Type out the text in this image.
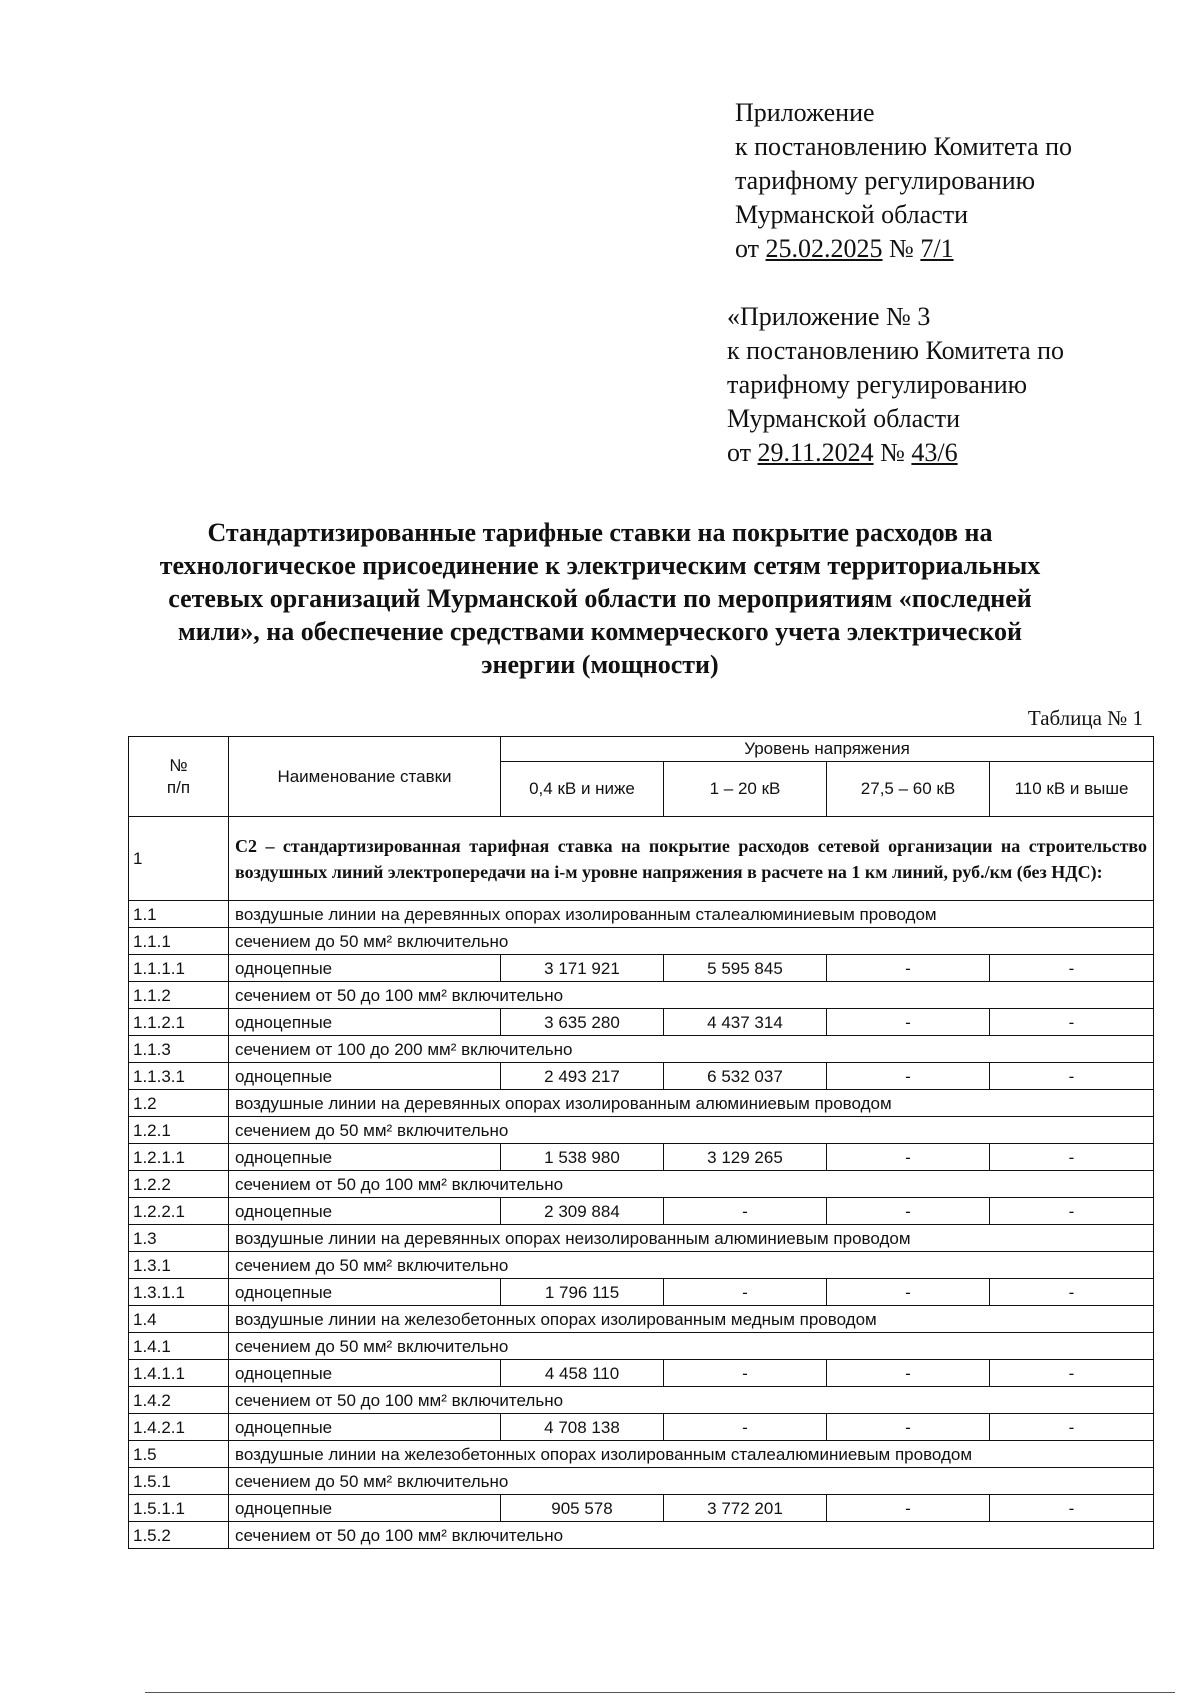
Приложение
к постановлению Комитета по
тарифному регулированию
Мурманской области
от 25.02.2025 № 7/1
«Приложение № 3
к постановлению Комитета по
тарифному регулированию
Мурманской области
от 29.11.2024 № 43/6
Стандартизированные тарифные ставки на покрытие расходов на
технологическое присоединение к электрическим сетям территориальных
сетевых организаций Мурманской области по мероприятиям «последней
мили», на обеспечение средствами коммерческого учета электрической
энергии (мощности)
Таблица № 1
№
п/п	Наименование ставки	Уровень напряжения			
		0,4 кВ и ниже	1 – 20 кВ	27,5 – 60 кВ	110 кВ и выше
1	С2 – стандартизированная тарифная ставка на покрытие расходов сетевой организации на строительство воздушных линий электропередачи на i-м уровне напряжения в расчете на 1 км линий, руб./км (без НДС):				
1.1	воздушные линии на деревянных опорах изолированным сталеалюминиевым проводом				
1.1.1	сечением до 50 мм² включительно				
1.1.1.1	одноцепные	3 171 921	5 595 845	-	-
1.1.2	сечением от 50 до 100 мм² включительно				
1.1.2.1	одноцепные	3 635 280	4 437 314	-	-
1.1.3	сечением от 100 до 200 мм² включительно				
1.1.3.1	одноцепные	2 493 217	6 532 037	-	-
1.2	воздушные линии на деревянных опорах изолированным алюминиевым проводом				
1.2.1	сечением до 50 мм² включительно				
1.2.1.1	одноцепные	1 538 980	3 129 265	-	-
1.2.2	сечением от 50 до 100 мм² включительно				
1.2.2.1	одноцепные	2 309 884	-	-	-
1.3	воздушные линии на деревянных опорах неизолированным алюминиевым проводом				
1.3.1	сечением до 50 мм² включительно				
1.3.1.1	одноцепные	1 796 115	-	-	-
1.4	воздушные линии на железобетонных опорах изолированным медным проводом				
1.4.1	сечением до 50 мм² включительно				
1.4.1.1	одноцепные	4 458 110	-	-	-
1.4.2	сечением от 50 до 100 мм² включительно				
1.4.2.1	одноцепные	4 708 138	-	-	-
1.5	воздушные линии на железобетонных опорах изолированным сталеалюминиевым проводом				
1.5.1	сечением до 50 мм² включительно				
1.5.1.1	одноцепные	905 578	3 772 201	-	-
1.5.2	сечением от 50 до 100 мм² включительно				
